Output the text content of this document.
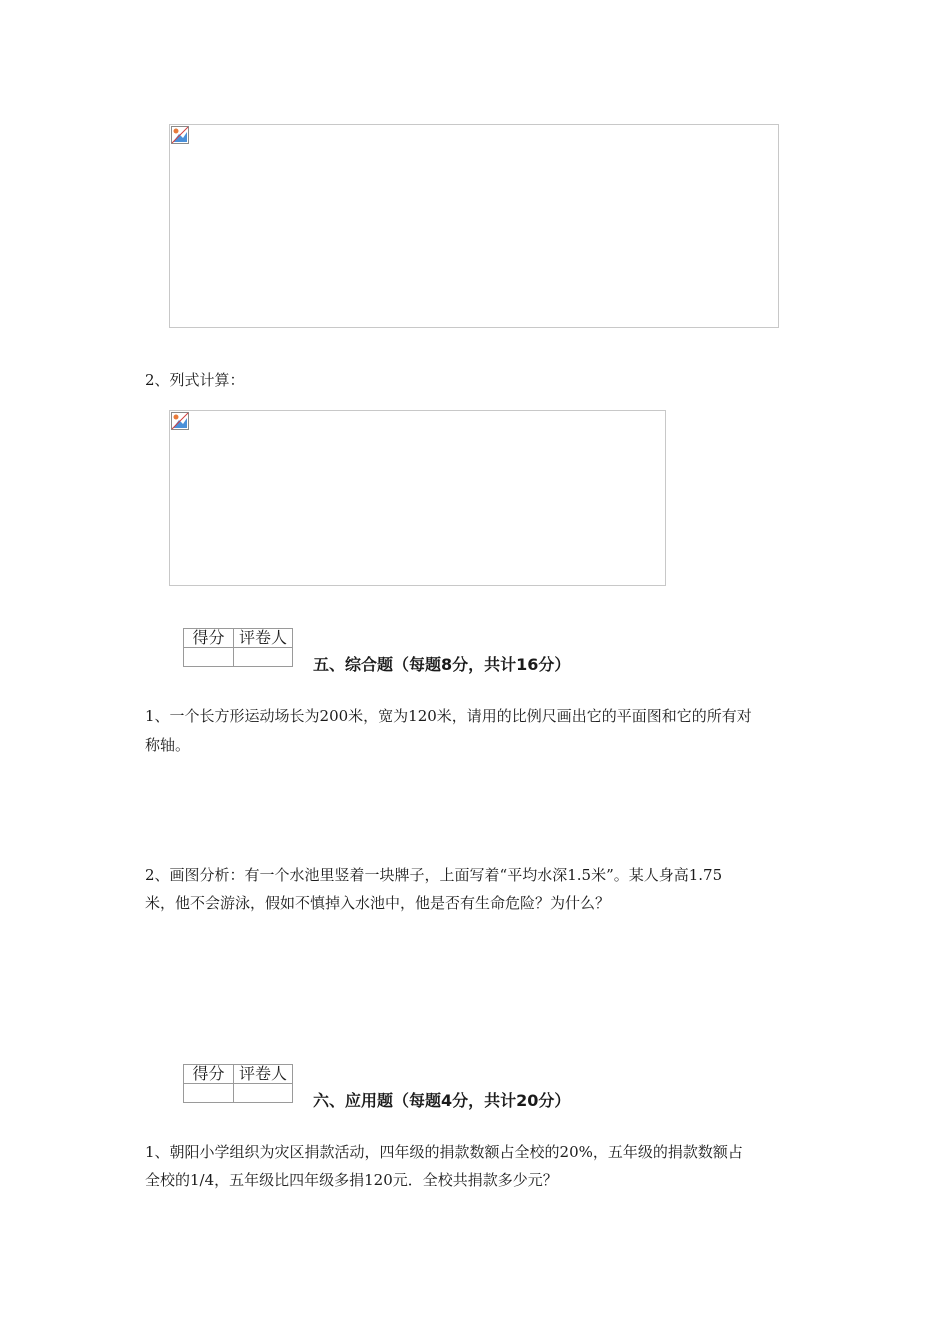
2、列式计算：
得分	评卷人

五、综合题（每题8分，共计16分）
1、一个长方形运动场长为200米，宽为120米，请用的比例尺画出它的平面图和它的所有对
称轴。
2、画图分析：有一个水池里竖着一块牌子，上面写着“平均水深1.5米”。某人身高1.75
米，他不会游泳，假如不慎掉入水池中，他是否有生命危险？为什么？
得分	评卷人

六、应用题（每题4分，共计20分）
1、朝阳小学组织为灾区捐款活动，四年级的捐款数额占全校的20%，五年级的捐款数额占
全校的1/4，五年级比四年级多捐120元．全校共捐款多少元？
